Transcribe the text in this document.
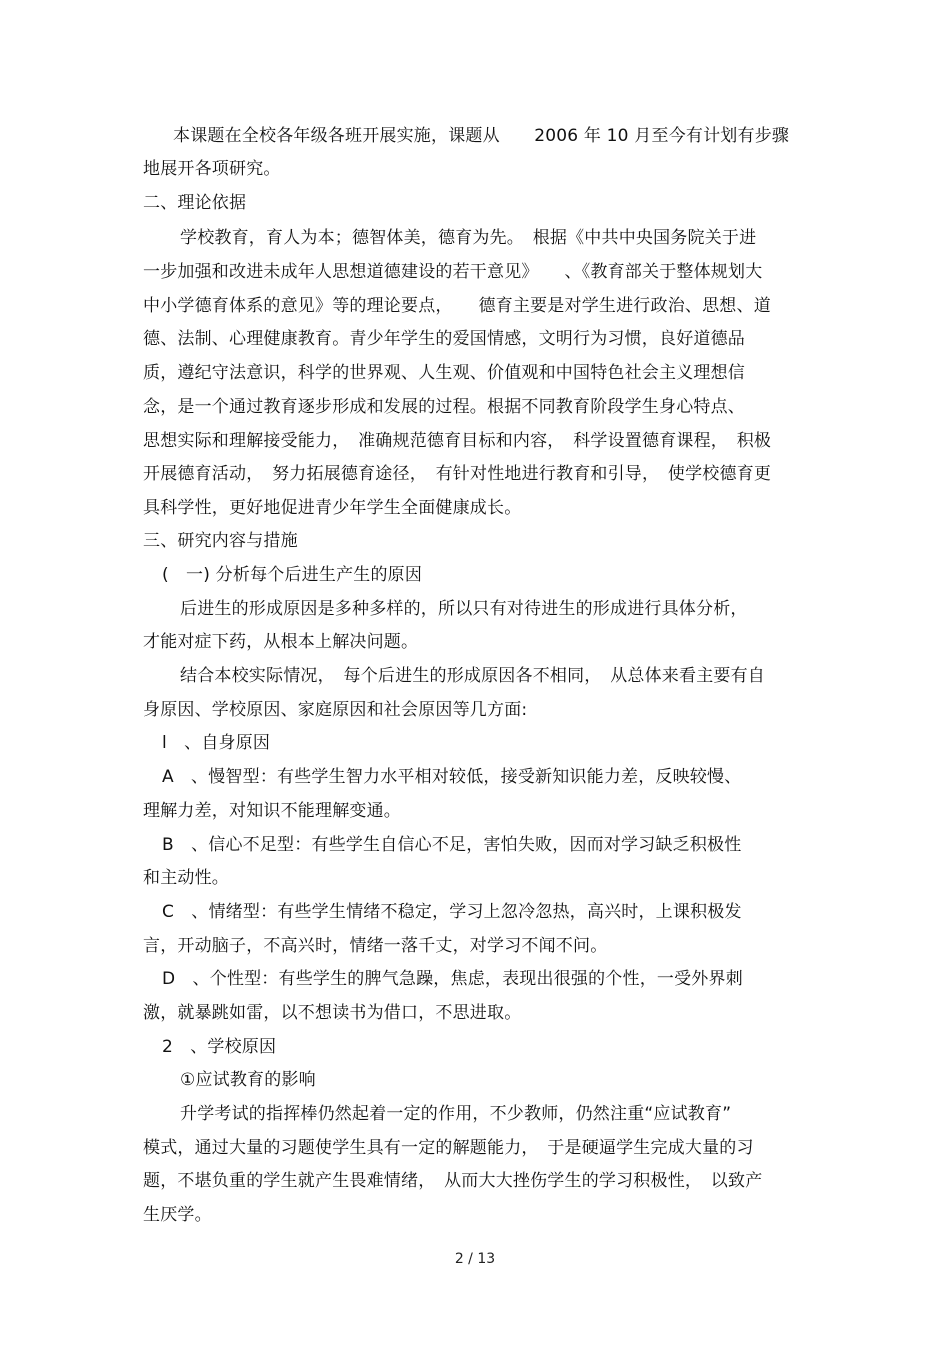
本课题在全校各年级各班开展实施，课题从　　2006 年 10 月至今有计划有步骤
地展开各项研究。
二、理论依据
学校教育，育人为本；德智体美，德育为先。　根据《中共中央国务院关于进
一步加强和改进未成年人思想道德建设的若干意见》　　、《教育部关于整体规划大
中小学德育体系的意见》等的理论要点，　　德育主要是对学生进行政治、思想、道
德、法制、心理健康教育。青少年学生的爱国情感，文明行为习惯，良好道德品
质，遵纪守法意识，科学的世界观、人生观、价值观和中国特色社会主义理想信
念，是一个通过教育逐步形成和发展的过程。根据不同教育阶段学生身心特点、
思想实际和理解接受能力，　准确规范德育目标和内容，　科学设置德育课程，　积极
开展德育活动，　努力拓展德育途径，　有针对性地进行教育和引导，　使学校德育更
具科学性，更好地促进青少年学生全面健康成长。
三、研究内容与措施
(　一) 分析每个后进生产生的原因
后进生的形成原因是多种多样的，所以只有对待进生的形成进行具体分析，
才能对症下药，从根本上解决问题。
结合本校实际情况，　每个后进生的形成原因各不相同，　从总体来看主要有自
身原因、学校原因、家庭原因和社会原因等几方面:
l　、自身原因
A　、慢智型：有些学生智力水平相对较低，接受新知识能力差，反映较慢、
理解力差，对知识不能理解变通。
B　、信心不足型：有些学生自信心不足，害怕失败，因而对学习缺乏积极性
和主动性。
C　、情绪型：有些学生情绪不稳定，学习上忽冷忽热，高兴时，上课积极发
言，开动脑子，不高兴时，情绪一落千丈，对学习不闻不问。
D　、个性型：有些学生的脾气急躁，焦虑，表现出很强的个性，一受外界刺
激，就暴跳如雷，以不想读书为借口，不思进取。
2　、学校原因
①应试教育的影响
升学考试的指挥棒仍然起着一定的作用，不少教师，仍然注重“应试教育”
模式，通过大量的习题使学生具有一定的解题能力，　于是硬逼学生完成大量的习
题，不堪负重的学生就产生畏难情绪，　从而大大挫伤学生的学习积极性，　以致产
生厌学。
2 / 13
